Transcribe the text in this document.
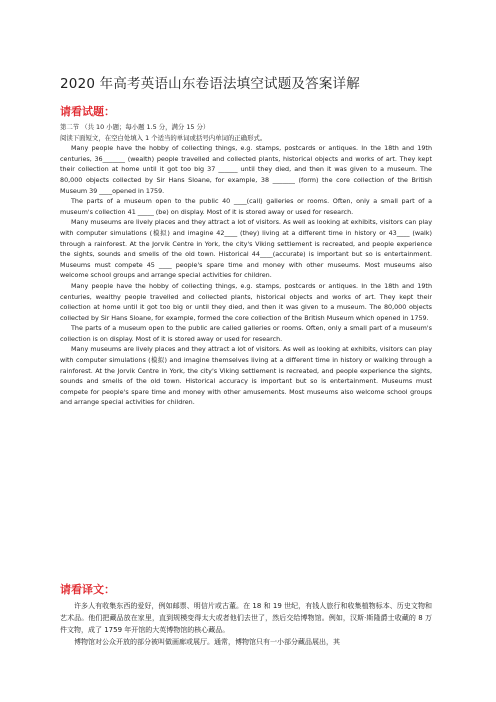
2020 年高考英语山东卷语法填空试题及答案详解
请看试题：

第二节 （共 10 小题；每小题 1.5 分，满分 15 分）

阅读下面短文，在空白处填入 1 个适当的单词或括号内单词的正确形式。

Many people have the hobby of collecting things, e.g. stamps, postcards or antiques. In the 18th and 19th centuries, 36_______ (wealth) people travelled and collected plants, historical objects and works of art. They kept their collection at home until it got too big 37 ______ until they died, and then it was given to a museum. The 80,000 objects collected by Sir Hans Sloane, for example, 38 _______ (form) the core collection of the British Museum 39 ____opened in 1759.

The parts of a museum open to the public 40 ____(call) galleries or rooms. Often, only a small part of a museum's collection 41 _____ (be) on display. Most of it is stored away or used for research.

Many museums are lively places and they attract a lot of visitors. As well as looking at exhibits, visitors can play with computer simulations (模拟) and imagine 42____ (they) living at a different time in history or 43____ (walk) through a rainforest. At the Jorvik Centre in York, the city's Viking settlement is recreated, and people experience the sights, sounds and smells of the old town. Historical 44____(accurate) is important but so is entertainment. Museums must compete 45 ____ people's spare time and money with other museums. Most museums also welcome school groups and arrange special activities for children.

Many people have the hobby of collecting things, e.g. stamps, postcards or antiques. In the 18th and 19th centuries, wealthy people travelled and collected plants, historical objects and works of art. They kept their collection at home until it got too big or until they died, and then it was given to a museum. The 80,000 objects collected by Sir Hans Sloane, for example, formed the core collection of the British Museum which opened in 1759.

The parts of a museum open to the public are called galleries or rooms. Often, only a small part of a museum's collection is on display. Most of it is stored away or used for research.

Many museums are lively places and they attract a lot of visitors. As well as looking at exhibits, visitors can play with computer simulations (模拟) and imagine themselves living at a different time in history or walking through a rainforest. At the Jorvik Centre in York, the city's Viking settlement is recreated, and people experience the sights, sounds and smells of the old town. Historical accuracy is important but so is entertainment. Museums must compete for people's spare time and money with other amusements. Most museums also welcome school groups and arrange special activities for children.

请看译文：

许多人有收集东西的爱好，例如邮票、明信片或古董。在 18 和 19 世纪，有钱人旅行和收集植物标本、历史文物和艺术品。他们把藏品放在家里，直到规模变得太大或者他们去世了，然后交给博物馆。例如，汉斯·斯隆爵士收藏的 8 万件文物，成了 1759 年开馆的大英博物馆的核心藏品。

博物馆对公众开放的部分被叫做画廊或展厅。通常，博物馆只有一小部分藏品展出，其
